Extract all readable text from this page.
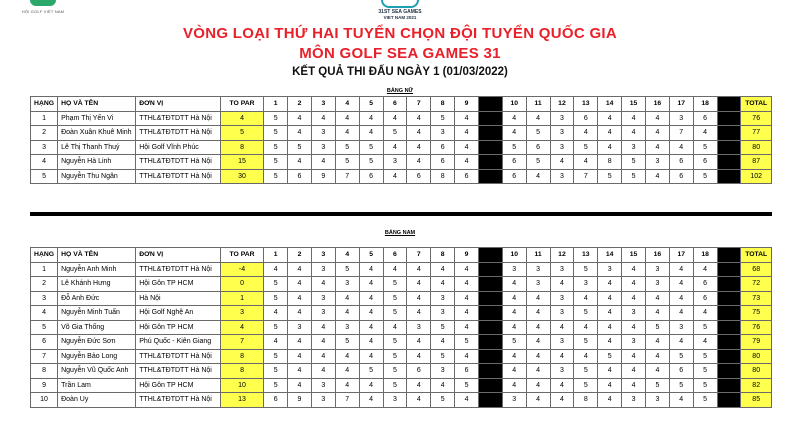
HỘI GOLF VIỆT NAM	31ST SEA GAMES
VIET NAM 2021
VÒNG LOẠI THỨ HAI TUYỂN CHỌN ĐỘI TUYỂN QUỐC GIA
MÔN GOLF SEA GAMES 31
KẾT QUẢ THI ĐẤU NGÀY 1 (01/03/2022)
BẢNG NỮ
HẠNG	HỌ VÀ TÊN	ĐƠN VỊ	TO PAR	1	2	3	4	5	6	7	8	9	OUT	10	11	12	13	14	15	16	17	18	IN	TOTAL
1	Phạm Thị Yến Vi	TTHL&TĐTDTT Hà Nội	4	5	4	4	4	4	4	4	5	4	38	4	4	3	6	4	4	4	3	6	38	76
2	Đoàn Xuân Khuê Minh	TTHL&TĐTDTT Hà Nội	5	5	4	3	4	4	5	4	3	4	36	4	5	3	4	4	4	4	7	4	41	77
3	Lê Thị Thanh Thuý	Hội Golf Vĩnh Phúc	8	5	5	3	5	5	4	4	6	4	41	5	6	3	5	4	3	4	4	5	39	80
4	Nguyễn Hà Linh	TTHL&TĐTDTT Hà Nội	15	5	4	4	5	5	3	4	6	4	40	6	5	4	4	8	5	3	6	6	47	87
5	Nguyễn Thu Ngân	TTHL&TĐTDTT Hà Nội	30	5	6	9	7	6	4	6	8	6	57	6	4	3	7	5	5	4	6	5	45	102
BẢNG NAM
HẠNG	HỌ VÀ TÊN	ĐƠN VỊ	TO PAR	1	2	3	4	5	6	7	8	9	OUT	10	11	12	13	14	15	16	17	18	IN	TOTAL
1	Nguyễn Anh Minh	TTHL&TĐTDTT Hà Nội	-4	4	4	3	5	4	4	4	4	4	36	3	3	3	5	3	4	3	4	4	32	68
2	Lê Khánh Hưng	Hội Gôn TP HCM	0	5	4	4	3	4	5	4	4	4	37	4	3	4	3	4	4	3	4	6	35	72
3	Đỗ Anh Đức	Hà Nội	1	5	4	3	4	4	5	4	3	4	36	4	4	3	4	4	4	4	4	6	37	73
4	Nguyễn Minh Tuấn	Hội Golf Nghệ An	3	4	4	3	4	4	5	4	3	4	35	4	4	3	5	4	3	4	4	4	35	75
5	Võ Gia Thống	Hội Gôn TP HCM	4	5	3	4	3	4	4	3	5	4	35	4	4	4	4	4	4	5	3	5	37	76
6	Nguyễn Đức Sơn	Phú Quốc - Kiên Giang	7	4	4	4	5	4	5	4	4	5	39	5	4	3	5	4	3	4	4	4	40	79
7	Nguyễn Bảo Long	TTHL&TĐTDTT Hà Nội	8	5	4	4	4	4	5	4	5	4	40	4	4	4	4	5	4	4	5	5	40	80
8	Nguyễn Vũ Quốc Anh	TTHL&TĐTDTT Hà Nội	8	5	4	4	4	5	5	6	3	6	41	4	4	3	5	4	4	4	6	5	39	80
9	Trần Lam	Hội Gôn TP HCM	10	5	4	3	4	4	5	4	4	5	36	4	4	4	5	4	4	5	5	5	46	82
10	Đoàn Uy	TTHL&TĐTDTT Hà Nội	13	6	9	3	7	4	3	4	5	4	45	3	4	4	8	4	3	3	4	5	40	85
